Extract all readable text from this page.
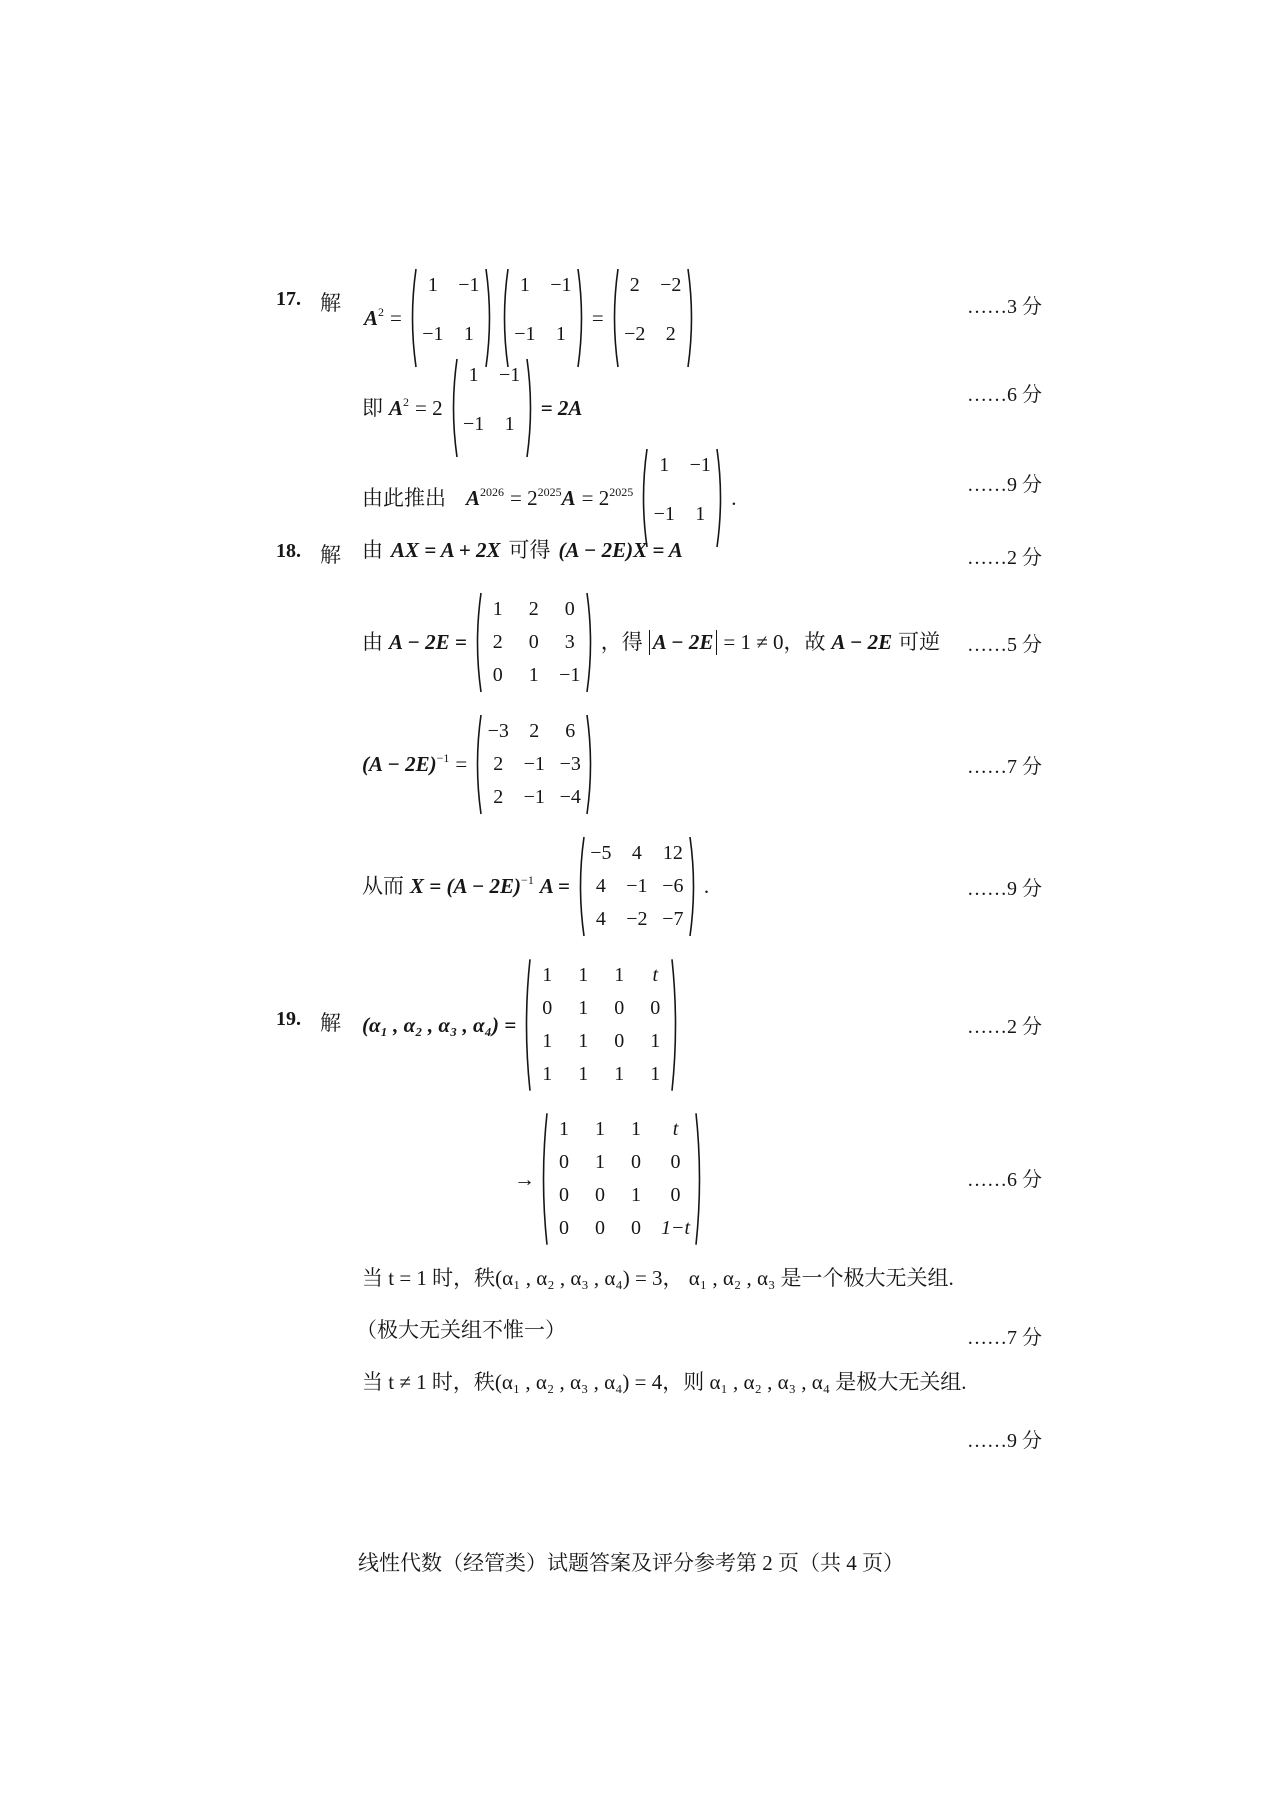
17. 解
$A^2$ =
1	−1
−1	1
1	−1
−1	1
=
2	−2
−2	2
……3 分
即 $A^2 = 2$
1	−1
−1	1
= 2A
……6 分
由此推出 $A^{2026} = 2^{2025}A = 2^{2025}$
1	−1
−1	1
.
……9 分
18. 解 由 AX = A + 2X 可得 (A − 2E)X = A	……2 分
由 A − 2E =
1	2	0
2	0	3
0	1	−1
，得 A − 2E = 1 ≠ 0，故 A − 2E 可逆 ……5 分
$(A - 2E)^{-1}$ =
−3	2	6
2	−1 −3
2	−1 −4
……7 分
从而 $X = (A - 2E)^{-1}$ A =
−5	4	12
4	−1 −6
4	−2 −7
.	……9 分
19. 解 (α₁ , α₂ , α₃ , α₄) =
1	1	1	t
0	1	0	0
1	1	0	1
1	1	1	1
……2 分
→
1	1	1	t
0	1	0	0
0	0	1	0
0	0	0	1−t
……6 分
当 t = 1 时，秩(α₁ , α₂ , α₃ , α₄) = 3， α₁ , α₂ , α₃ 是一个极大无关组.
（极大无关组不惟一）	……7 分
当 t ≠ 1 时，秩(α₁ , α₂ , α₃ , α₄) = 4，则 α₁ , α₂ , α₃ , α₄ 是极大无关组.
……9 分
线性代数（经管类）试题答案及评分参考第 2 页（共 4 页）
